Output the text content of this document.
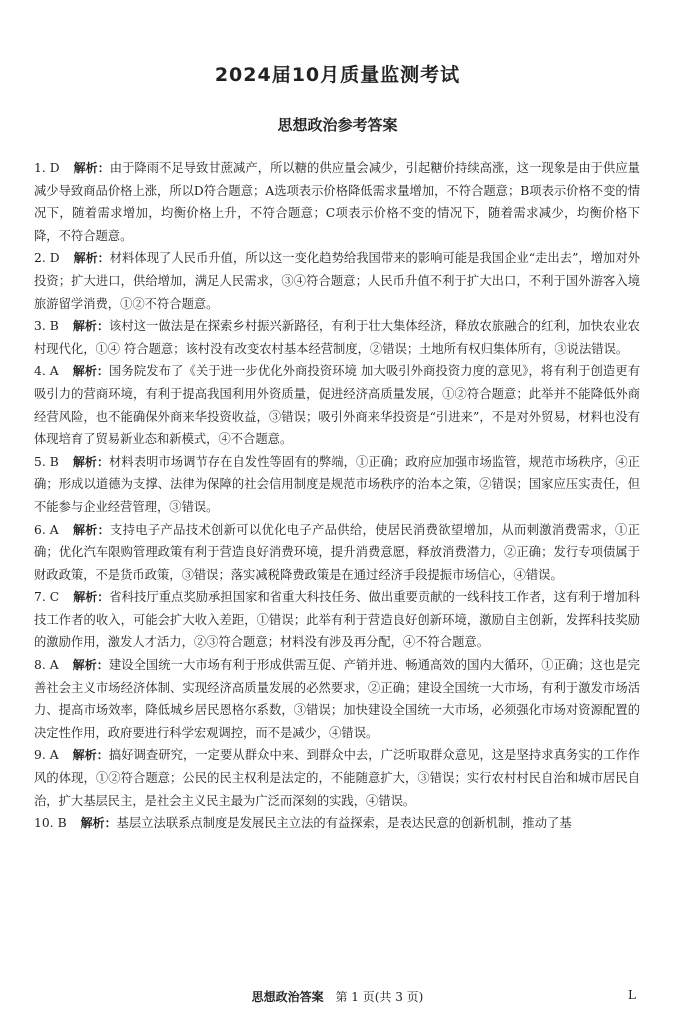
2024届10月质量监测考试
思想政治参考答案
1. D 解析：由于降雨不足导致甘蔗减产，所以糖的供应量会减少，引起糖价持续高涨，这一现象是由于供应量减少导致商品价格上涨，所以D符合题意；A选项表示价格降低需求量增加，不符合题意；B项表示价格不变的情况下，随着需求增加，均衡价格上升，不符合题意；C项表示价格不变的情况下，随着需求减少，均衡价格下降，不符合题意。
2. D 解析：材料体现了人民币升值，所以这一变化趋势给我国带来的影响可能是我国企业“走出去”，增加对外投资；扩大进口，供给增加，满足人民需求，③④符合题意；人民币升值不利于扩大出口，不利于国外游客入境旅游留学消费，①②不符合题意。
3. B 解析：该村这一做法是在探索乡村振兴新路径，有利于壮大集体经济，释放农旅融合的红利，加快农业农村现代化，①④ 符合题意；该村没有改变农村基本经营制度，②错误；土地所有权归集体所有，③说法错误。
4. A 解析：国务院发布了《关于进一步优化外商投资环境 加大吸引外商投资力度的意见》，将有利于创造更有吸引力的营商环境，有利于提高我国利用外资质量，促进经济高质量发展，①②符合题意；此举并不能降低外商经营风险，也不能确保外商来华投资收益，③错误；吸引外商来华投资是“引进来”，不是对外贸易，材料也没有体现培育了贸易新业态和新模式，④不合题意。
5. B 解析：材料表明市场调节存在自发性等固有的弊端，①正确；政府应加强市场监管，规范市场秩序，④正确；形成以道德为支撑、法律为保障的社会信用制度是规范市场秩序的治本之策，②错误；国家应压实责任，但不能参与企业经营管理，③错误。
6. A 解析：支持电子产品技术创新可以优化电子产品供给，使居民消费欲望增加，从而刺激消费需求，①正确；优化汽车限购管理政策有利于营造良好消费环境，提升消费意愿，释放消费潜力，②正确；发行专项债属于财政政策，不是货币政策，③错误；落实减税降费政策是在通过经济手段提振市场信心，④错误。
7. C 解析：省科技厅重点奖励承担国家和省重大科技任务、做出重要贡献的一线科技工作者，这有利于增加科技工作者的收入，可能会扩大收入差距，①错误；此举有利于营造良好创新环境，激励自主创新，发挥科技奖励的激励作用，激发人才活力，②③符合题意；材料没有涉及再分配，④不符合题意。
8. A 解析：建设全国统一大市场有利于形成供需互促、产销并进、畅通高效的国内大循环，①正确；这也是完善社会主义市场经济体制、实现经济高质量发展的必然要求，②正确；建设全国统一大市场，有利于激发市场活力、提高市场效率，降低城乡居民恩格尔系数，③错误；加快建设全国统一大市场，必须强化市场对资源配置的决定性作用，政府要进行科学宏观调控，而不是减少，④错误。
9. A 解析：搞好调查研究，一定要从群众中来、到群众中去，广泛听取群众意见，这是坚持求真务实的工作作风的体现，①②符合题意；公民的民主权利是法定的，不能随意扩大，③错误；实行农村村民自治和城市居民自治，扩大基层民主，是社会主义民主最为广泛而深刻的实践，④错误。
10. B 解析：基层立法联系点制度是发展民主立法的有益探索，是表达民意的创新机制，推动了基
思想政治答案 第 1 页(共 3 页)	L
